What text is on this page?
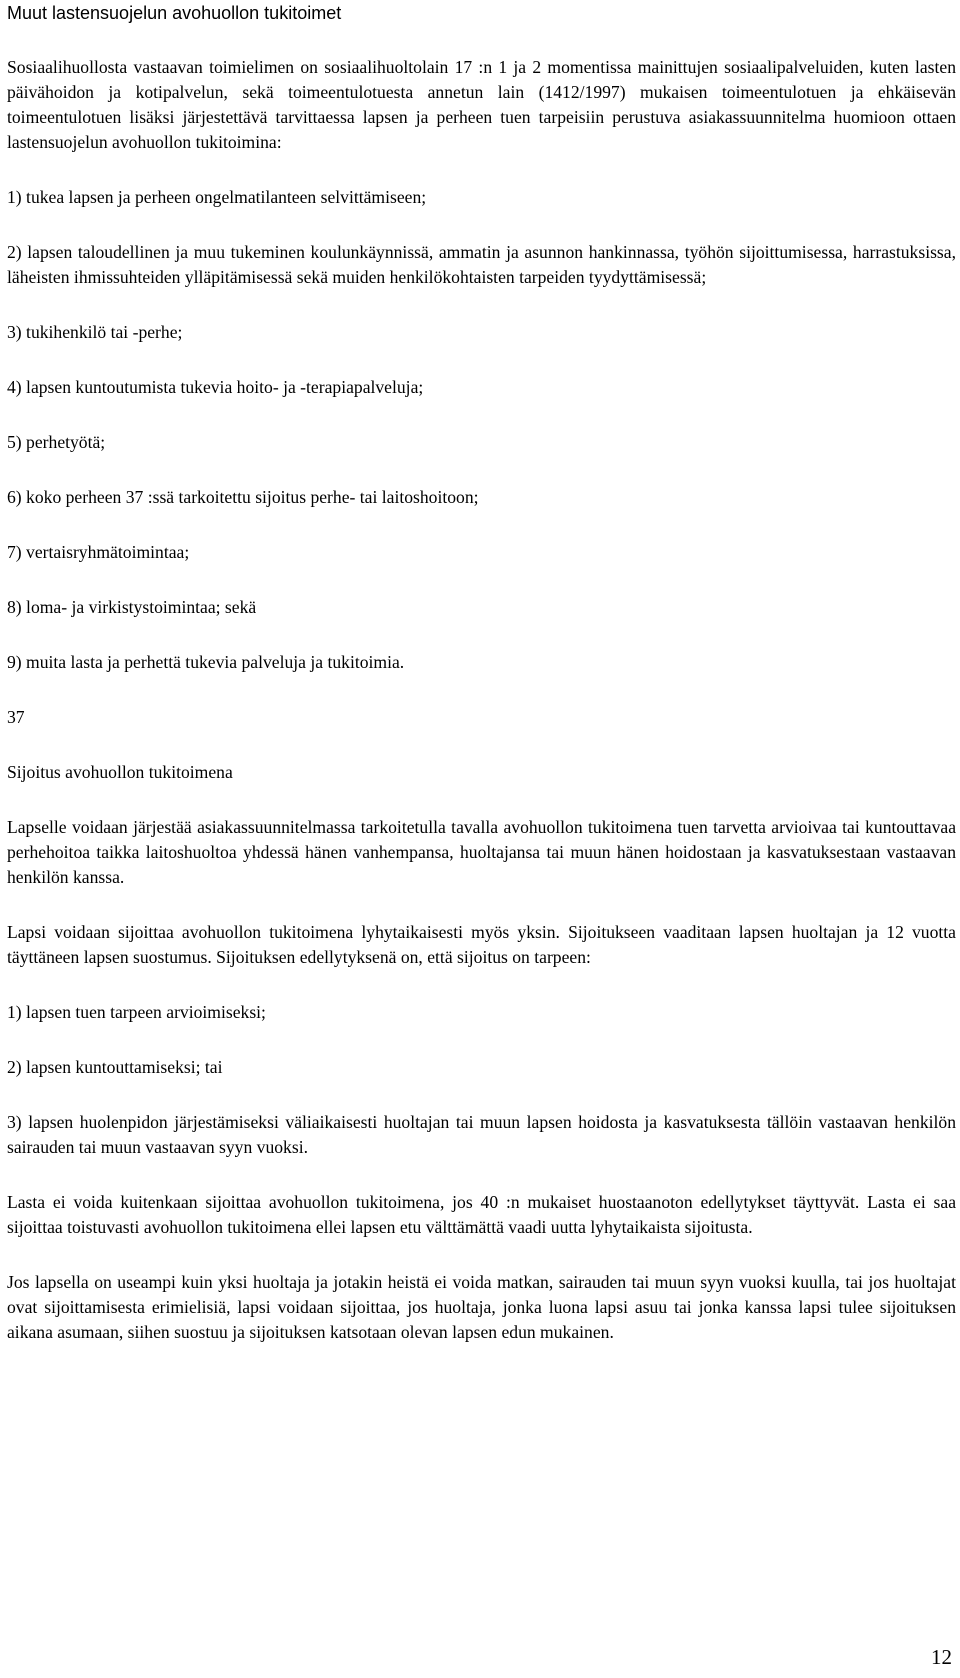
Muut lastensuojelun avohuollon tukitoimet

Sosiaalihuollosta vastaavan toimielimen on sosiaalihuoltolain 17 :n 1 ja 2 momentissa mainittujen sosiaalipalveluiden, kuten lasten päivähoidon ja kotipalvelun, sekä toimeentulotuesta annetun lain (1412/1997) mukaisen toimeentulotuen ja ehkäisevän toimeentulotuen lisäksi järjestettävä tarvittaessa lapsen ja perheen tuen tarpeisiin perustuva asiakassuunnitelma huomioon ottaen lastensuojelun avohuollon tukitoimina:

1) tukea lapsen ja perheen ongelmatilanteen selvittämiseen;

2) lapsen taloudellinen ja muu tukeminen koulunkäynnissä, ammatin ja asunnon hankinnassa, työhön sijoittumisessa, harrastuksissa, läheisten ihmissuhteiden ylläpitämisessä sekä muiden henkilökohtaisten tarpeiden tyydyttämisessä;

3) tukihenkilö tai -perhe;

4) lapsen kuntoutumista tukevia hoito- ja -terapiapalveluja;

5) perhetyötä;

6) koko perheen 37 :ssä tarkoitettu sijoitus perhe- tai laitoshoitoon;

7) vertaisryhmätoimintaa;

8) loma- ja virkistystoimintaa; sekä

9) muita lasta ja perhettä tukevia palveluja ja tukitoimia.

37

Sijoitus avohuollon tukitoimena

Lapselle voidaan järjestää asiakassuunnitelmassa tarkoitetulla tavalla avohuollon tukitoimena tuen tarvetta arvioivaa tai kuntouttavaa perhehoitoa taikka laitoshuoltoa yhdessä hänen vanhempansa, huoltajansa tai muun hänen hoidostaan ja kasvatuksestaan vastaavan henkilön kanssa.

Lapsi voidaan sijoittaa avohuollon tukitoimena lyhytaikaisesti myös yksin. Sijoitukseen vaaditaan lapsen huoltajan ja 12 vuotta täyttäneen lapsen suostumus. Sijoituksen edellytyksenä on, että sijoitus on tarpeen:

1) lapsen tuen tarpeen arvioimiseksi;

2) lapsen kuntouttamiseksi; tai

3) lapsen huolenpidon järjestämiseksi väliaikaisesti huoltajan tai muun lapsen hoidosta ja kasvatuksesta tällöin vastaavan henkilön sairauden tai muun vastaavan syyn vuoksi.

Lasta ei voida kuitenkaan sijoittaa avohuollon tukitoimena, jos 40 :n mukaiset huostaanoton edellytykset täyttyvät. Lasta ei saa sijoittaa toistuvasti avohuollon tukitoimena ellei lapsen etu välttämättä vaadi uutta lyhytaikaista sijoitusta.

Jos lapsella on useampi kuin yksi huoltaja ja jotakin heistä ei voida matkan, sairauden tai muun syyn vuoksi kuulla, tai jos huoltajat ovat sijoittamisesta erimielisiä, lapsi voidaan sijoittaa, jos huoltaja, jonka luona lapsi asuu tai jonka kanssa lapsi tulee sijoituksen aikana asumaan, siihen suostuu ja sijoituksen katsotaan olevan lapsen edun mukainen.

12
